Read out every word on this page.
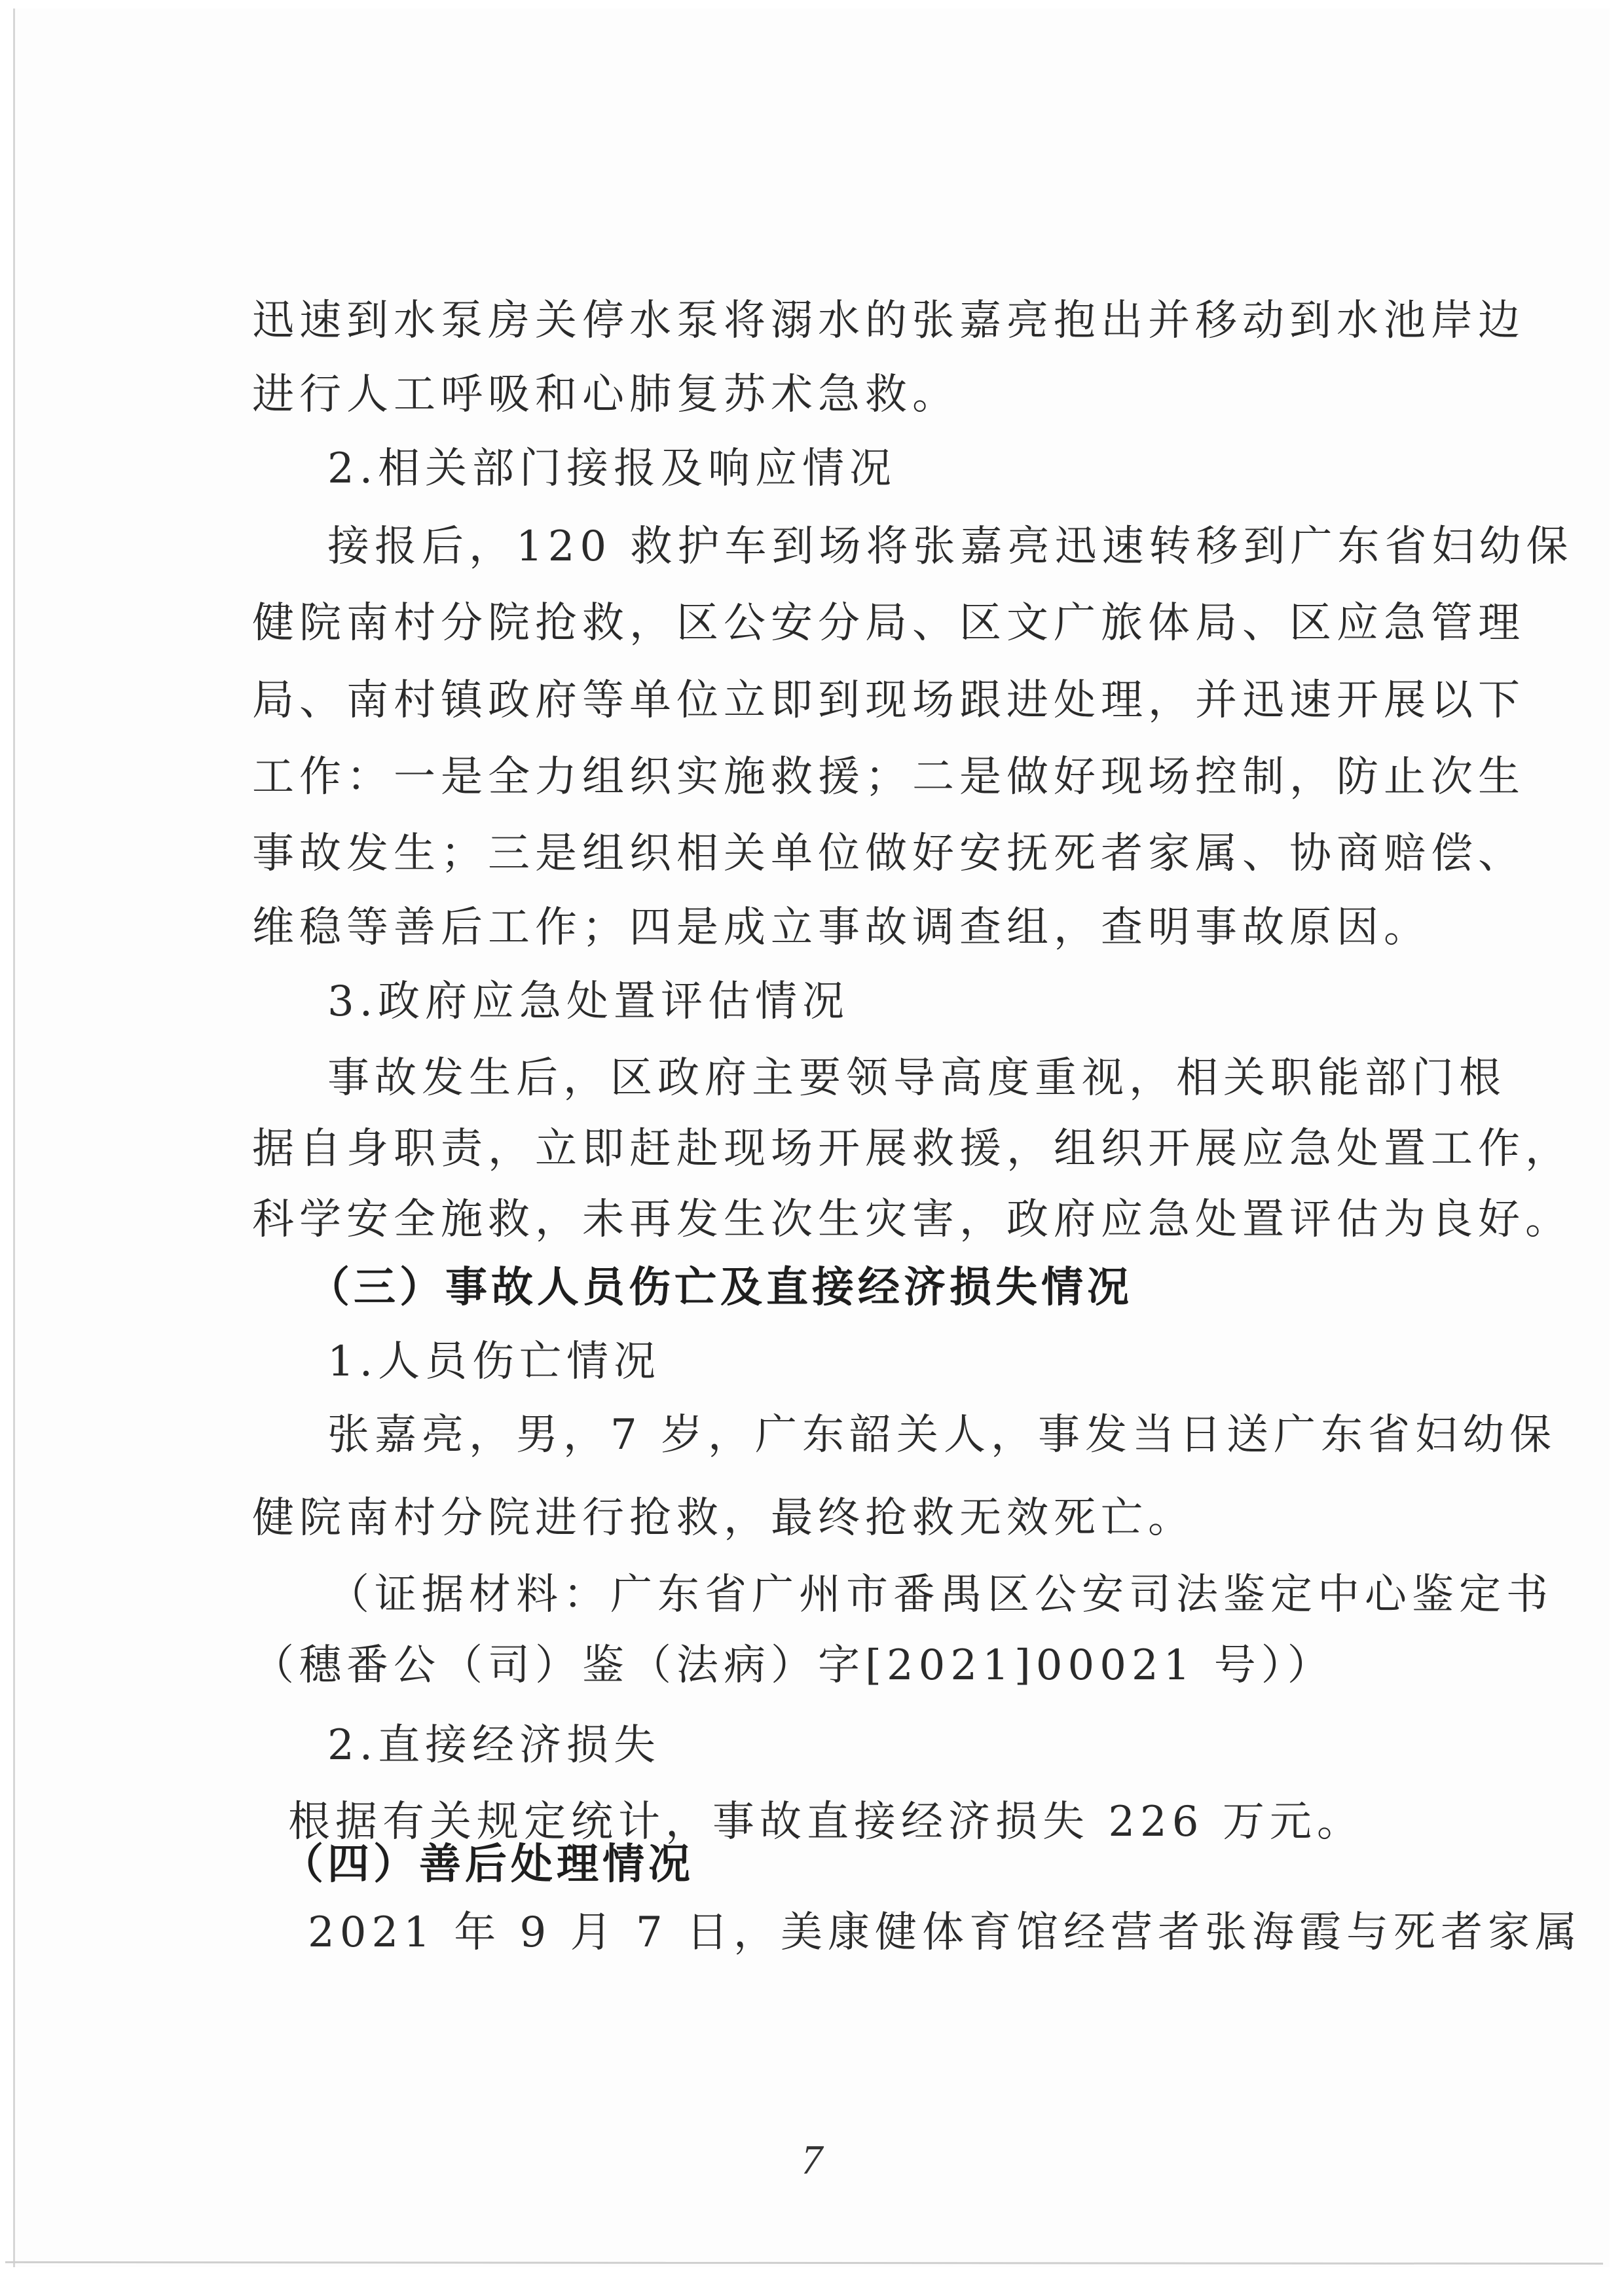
迅速到水泵房关停水泵将溺水的张嘉亮抱出并移动到水池岸边
进行人工呼吸和心肺复苏术急救。
2.相关部门接报及响应情况
接报后，120 救护车到场将张嘉亮迅速转移到广东省妇幼保
健院南村分院抢救，区公安分局、区文广旅体局、区应急管理
局、南村镇政府等单位立即到现场跟进处理，并迅速开展以下
工作：一是全力组织实施救援；二是做好现场控制，防止次生
事故发生；三是组织相关单位做好安抚死者家属、协商赔偿、
维稳等善后工作；四是成立事故调查组，查明事故原因。
3.政府应急处置评估情况
事故发生后，区政府主要领导高度重视，相关职能部门根
据自身职责，立即赶赴现场开展救援，组织开展应急处置工作，
科学安全施救，未再发生次生灾害，政府应急处置评估为良好。
（三）事故人员伤亡及直接经济损失情况
1.人员伤亡情况
张嘉亮，男，7 岁，广东韶关人，事发当日送广东省妇幼保
健院南村分院进行抢救，最终抢救无效死亡。
（证据材料：广东省广州市番禺区公安司法鉴定中心鉴定书
（穗番公（司）鉴（法病）字[2021]00021 号））
2.直接经济损失
根据有关规定统计，事故直接经济损失 226 万元。
（四）善后处理情况
2021 年 9 月 7 日，美康健体育馆经营者张海霞与死者家属
7
